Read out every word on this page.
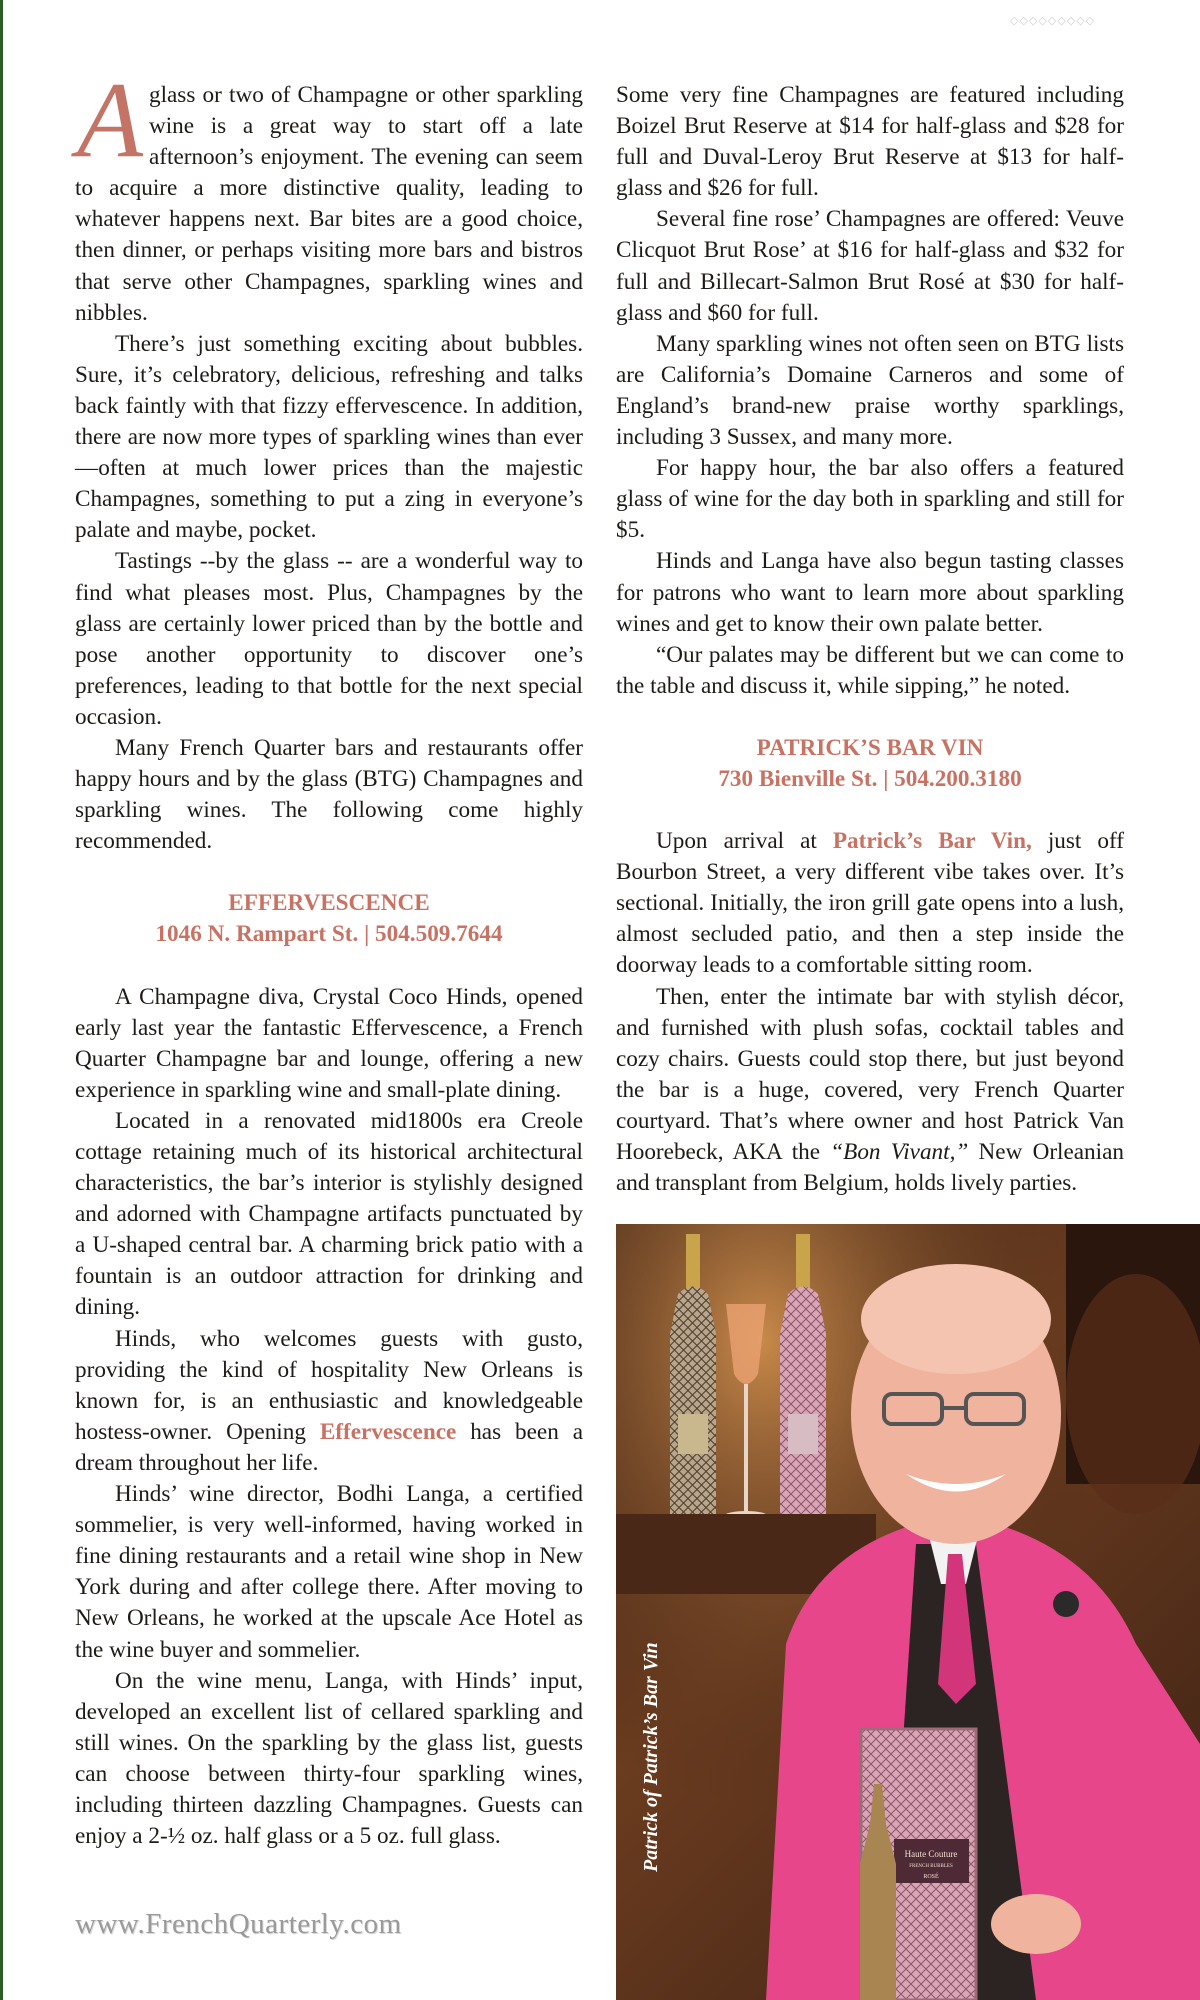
◇◇◇◇◇◇◇◇◇

Aglass or two of Champagne or other sparkling wine is a great way to start off a late afternoon’s enjoyment. The evening can seem to acquire a more distinctive quality, leading to whatever happens next. Bar bites are a good choice, then dinner, or perhaps visiting more bars and bistros that serve other Champagnes, sparkling wines and nibbles.

There’s just something exciting about bubbles. Sure, it’s celebratory, delicious, refreshing and talks back faintly with that fizzy effervescence. In addition, there are now more types of sparkling wines than ever—often at much lower prices than the majestic Champagnes, something to put a zing in everyone’s palate and maybe, pocket.

Tastings --by the glass -- are a wonderful way to find what pleases most. Plus, Champagnes by the glass are certainly lower priced than by the bottle and pose another opportunity to discover one’s preferences, leading to that bottle for the next special occasion.

Many French Quarter bars and restaurants offer happy hours and by the glass (BTG) Champagnes and sparkling wines. The following come highly recommended.

EFFERVESCENCE
1046 N. Rampart St. | 504.509.7644

A Champagne diva, Crystal Coco Hinds, opened early last year the fantastic Effervescence, a French Quarter Champagne bar and lounge, offering a new experience in sparkling wine and small-plate dining.

Located in a renovated mid1800s era Creole cottage retaining much of its historical architectural characteristics, the bar’s interior is stylishly designed and adorned with Champagne artifacts punctuated by a U-shaped central bar. A charming brick patio with a fountain is an outdoor attraction for drinking and dining.

Hinds, who welcomes guests with gusto, providing the kind of hospitality New Orleans is known for, is an enthusiastic and knowledgeable hostess-owner. Opening Effervescence has been a dream throughout her life.

Hinds’ wine director, Bodhi Langa, a certified sommelier, is very well-informed, having worked in fine dining restaurants and a retail wine shop in New York during and after college there. After moving to New Orleans, he worked at the upscale Ace Hotel as the wine buyer and sommelier.

On the wine menu, Langa, with Hinds’ input, developed an excellent list of cellared sparkling and still wines. On the sparkling by the glass list, guests can choose between thirty-four sparkling wines, including thirteen dazzling Champagnes. Guests can enjoy a 2-½ oz. half glass or a 5 oz. full glass.

Some very fine Champagnes are featured including Boizel Brut Reserve at $14 for half-glass and $28 for full and Duval-Leroy Brut Reserve at $13 for half-glass and $26 for full.

Several fine rose’ Champagnes are offered: Veuve Clicquot Brut Rose’ at $16 for half-glass and $32 for full and Billecart-Salmon Brut Rosé at $30 for half-glass and $60 for full.

Many sparkling wines not often seen on BTG lists are California’s Domaine Carneros and some of England’s brand-new praise worthy sparklings, including 3 Sussex, and many more.

For happy hour, the bar also offers a featured glass of wine for the day both in sparkling and still for $5.

Hinds and Langa have also begun tasting classes for patrons who want to learn more about sparkling wines and get to know their own palate better.

“Our palates may be different but we can come to the table and discuss it, while sipping,” he noted.

PATRICK’S BAR VIN
730 Bienville St. | 504.200.3180

Upon arrival at Patrick’s Bar Vin, just off Bourbon Street, a very different vibe takes over. It’s sectional. Initially, the iron grill gate opens into a lush, almost secluded patio, and then a step inside the doorway leads to a comfortable sitting room.

Then, enter the intimate bar with stylish décor, and furnished with plush sofas, cocktail tables and cozy chairs. Guests could stop there, but just beyond the bar is a huge, covered, very French Quarter courtyard. That’s where owner and host Patrick Van Hoorebeck, AKA the “Bon Vivant,” New Orleanian and transplant from Belgium, holds lively parties.

Haute Couture
FRENCH BUBBLES
ROSÉ
Patrick of Patrick’s Bar Vin
www.FrenchQuarterly.com
